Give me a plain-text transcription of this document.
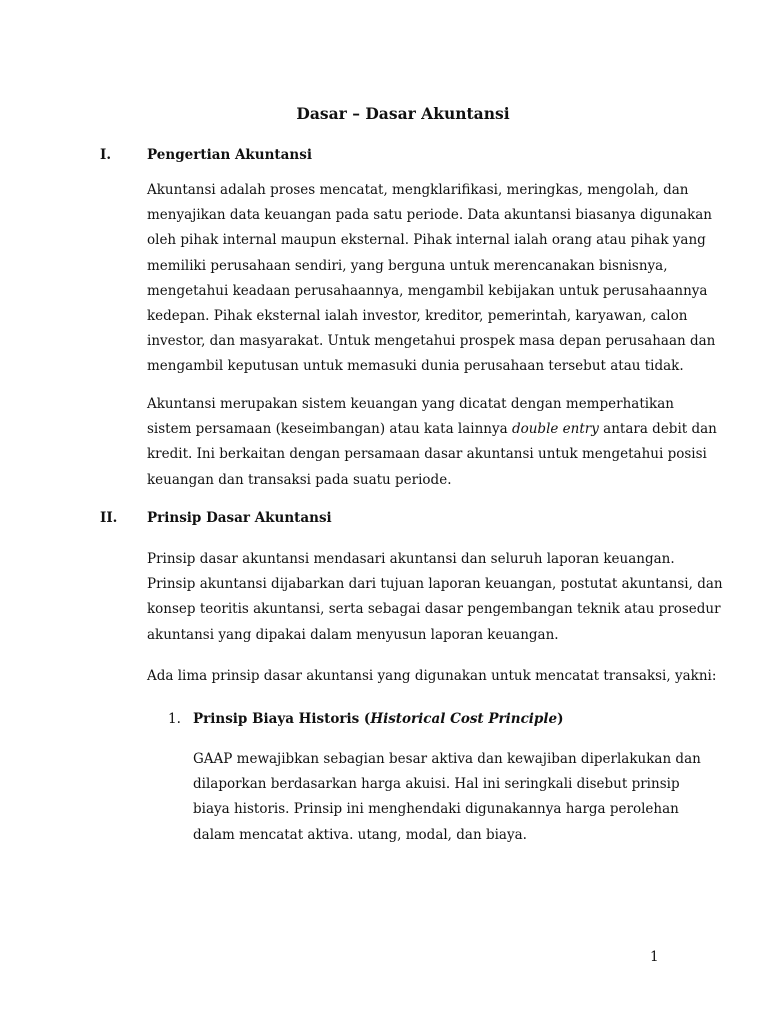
Dasar – Dasar Akuntansi
I.	Pengertian Akuntansi

Akuntansi adalah proses mencatat, mengklarifikasi, meringkas, mengolah, dan
menyajikan data keuangan pada satu periode. Data akuntansi biasanya digunakan
oleh pihak internal maupun eksternal. Pihak internal ialah orang atau pihak yang
memiliki perusahaan sendiri, yang berguna untuk merencanakan bisnisnya,
mengetahui keadaan perusahaannya, mengambil kebijakan untuk perusahaannya
kedepan. Pihak eksternal ialah investor, kreditor, pemerintah, karyawan, calon
investor, dan masyarakat. Untuk mengetahui prospek masa depan perusahaan dan
mengambil keputusan untuk memasuki dunia perusahaan tersebut atau tidak.

Akuntansi merupakan sistem keuangan yang dicatat dengan memperhatikan
sistem persamaan (keseimbangan) atau kata lainnya double entry antara debit dan
kredit. Ini berkaitan dengan persamaan dasar akuntansi untuk mengetahui posisi
keuangan dan transaksi pada suatu periode.

II. Prinsip Dasar Akuntansi

Prinsip dasar akuntansi mendasari akuntansi dan seluruh laporan keuangan.
Prinsip akuntansi dijabarkan dari tujuan laporan keuangan, postutat akuntansi, dan
konsep teoritis akuntansi, serta sebagai dasar pengembangan teknik atau prosedur
akuntansi yang dipakai dalam menyusun laporan keuangan.

Ada lima prinsip dasar akuntansi yang digunakan untuk mencatat transaksi, yakni:

1. Prinsip Biaya Historis (Historical Cost Principle)

GAAP mewajibkan sebagian besar aktiva dan kewajiban diperlakukan dan
dilaporkan berdasarkan harga akuisi. Hal ini seringkali disebut prinsip
biaya historis. Prinsip ini menghendaki digunakannya harga perolehan
dalam mencatat aktiva. utang, modal, dan biaya.

1
